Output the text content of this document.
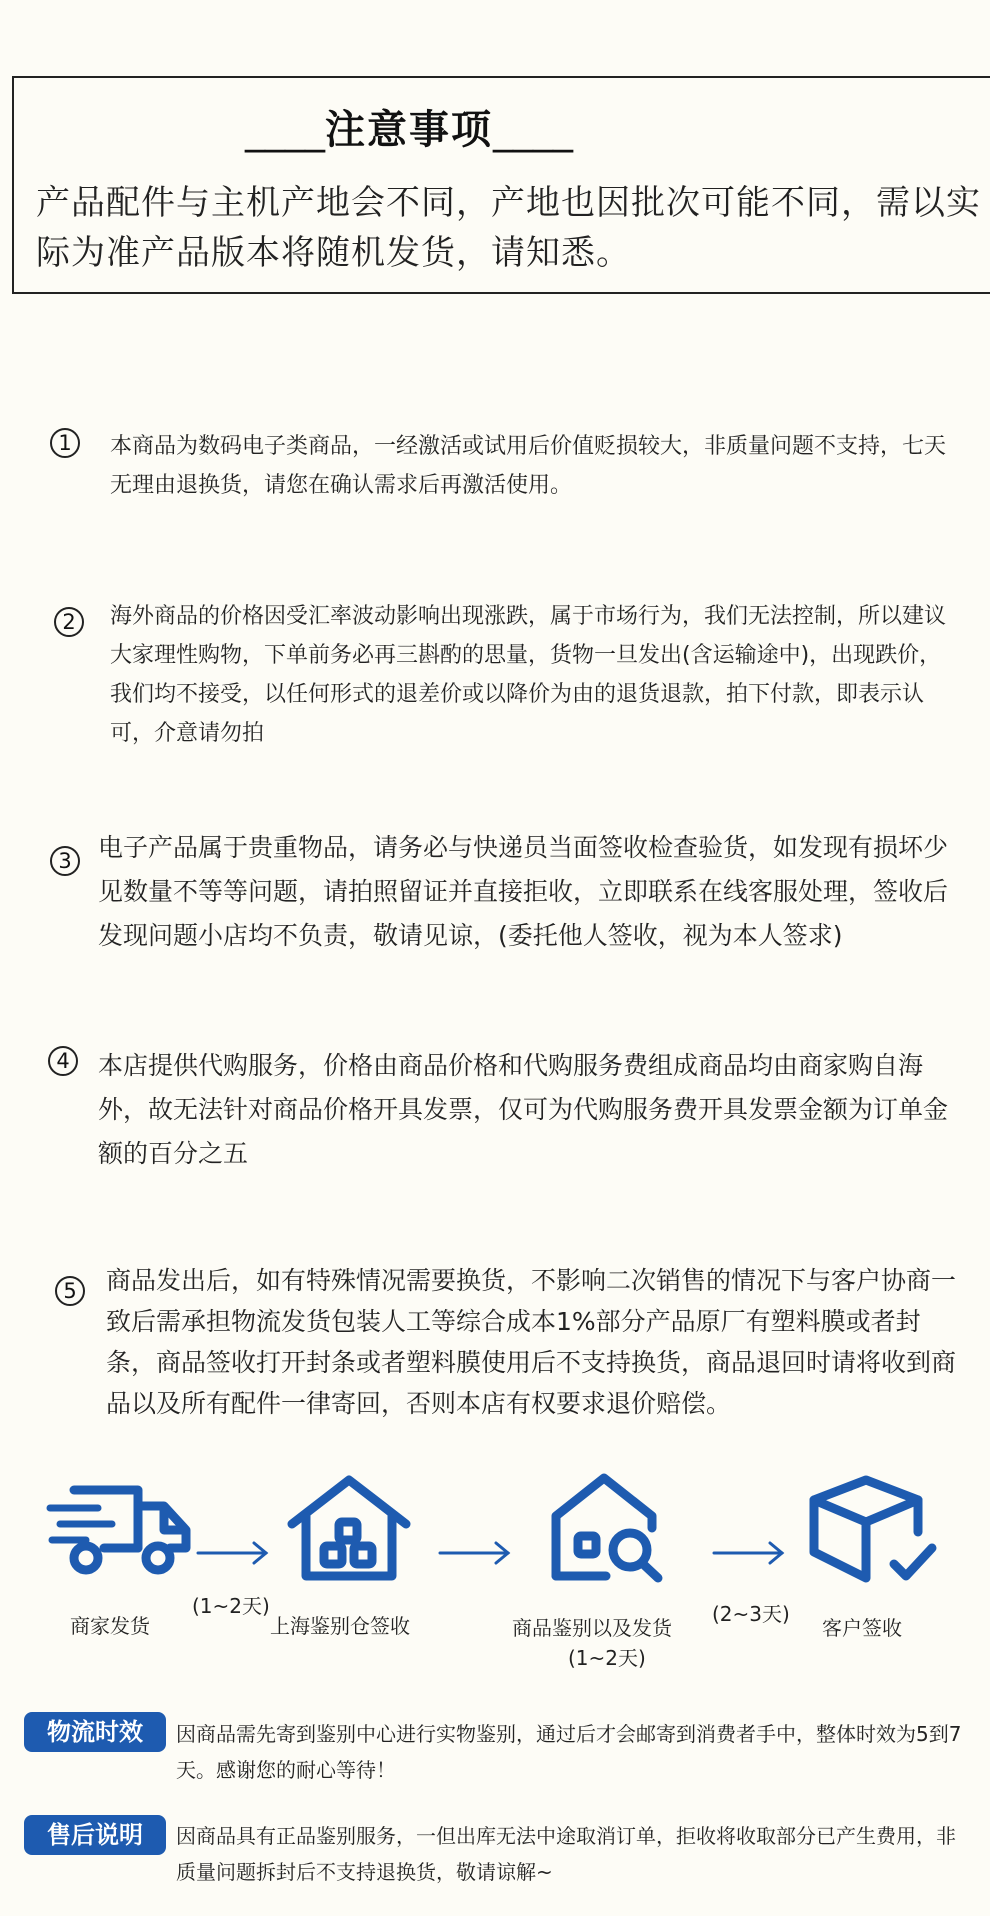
____注意事项____
产品配件与主机产地会不同，产地也因批次可能不同，需以实际为准产品版本将随机发货，请知悉。
1	本商品为数码电子类商品，一经激活或试用后价值贬损较大，非质量问题不支持，七天无理由退换货，请您在确认需求后再激活使用。
2	海外商品的价格因受汇率波动影响出现涨跌，属于市场行为，我们无法控制，所以建议大家理性购物，下单前务必再三斟酌的思量，货物一旦发出(含运输途中)，出现跌价，我们均不接受，以任何形式的退差价或以降价为由的退货退款，拍下付款，即表示认可，介意请勿拍
3	电子产品属于贵重物品，请务必与快递员当面签收检查验货，如发现有损坏少见数量不等等问题，请拍照留证并直接拒收，立即联系在线客服处理，签收后发现问题小店均不负责，敬请见谅，(委托他人签收，视为本人签求)
4	本店提供代购服务，价格由商品价格和代购服务费组成商品均由商家购自海外，故无法针对商品价格开具发票，仅可为代购服务费开具发票金额为订单金额的百分之五
5	商品发出后，如有特殊情况需要换货，不影响二次销售的情况下与客户协商一致后需承担物流发货包装人工等综合成本1%部分产品原厂有塑料膜或者封条，商品签收打开封条或者塑料膜使用后不支持换货，商品退回时请将收到商品以及所有配件一律寄回，否则本店有权要求退价赔偿。
商家发货
(1~2天)
上海鉴别仓签收	商品鉴别以及发货
(1~2天)
(2~3天)
客户签收
物流时效	因商品需先寄到鉴别中心进行实物鉴别，通过后才会邮寄到消费者手中，整体时效为5到7天。感谢您的耐心等待！
售后说明	因商品具有正品鉴别服务，一但出库无法中途取消订单，拒收将收取部分已产生费用，非质量问题拆封后不支持退换货，敬请谅解~
